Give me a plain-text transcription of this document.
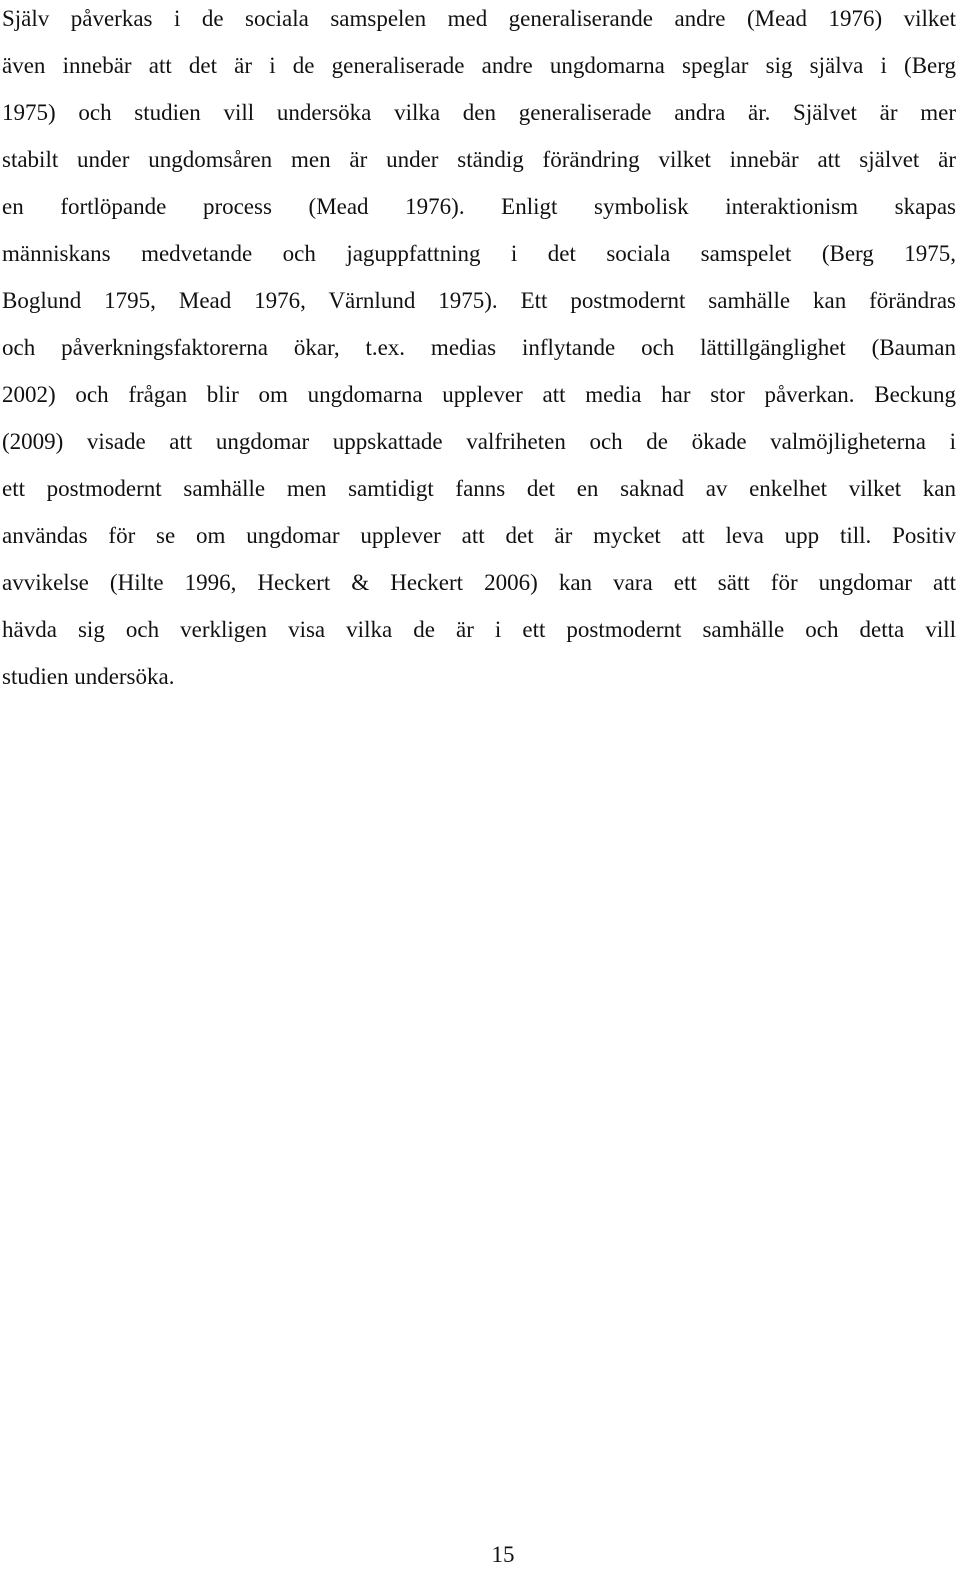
Själv påverkas i de sociala samspelen med generaliserande andre (Mead 1976) vilket
även innebär att det är i de generaliserade andre ungdomarna speglar sig själva i (Berg
1975) och studien vill undersöka vilka den generaliserade andra är. Självet är mer
stabilt under ungdomsåren men är under ständig förändring vilket innebär att självet är
en fortlöpande process (Mead 1976). Enligt symbolisk interaktionism skapas
människans medvetande och jaguppfattning i det sociala samspelet (Berg 1975,
Boglund 1795, Mead 1976, Värnlund 1975). Ett postmodernt samhälle kan förändras
och påverkningsfaktorerna ökar, t.ex. medias inflytande och lättillgänglighet (Bauman
2002) och frågan blir om ungdomarna upplever att media har stor påverkan. Beckung
(2009) visade att ungdomar uppskattade valfriheten och de ökade valmöjligheterna i
ett postmodernt samhälle men samtidigt fanns det en saknad av enkelhet vilket kan
användas för se om ungdomar upplever att det är mycket att leva upp till. Positiv
avvikelse (Hilte 1996, Heckert & Heckert 2006) kan vara ett sätt för ungdomar att
hävda sig och verkligen visa vilka de är i ett postmodernt samhälle och detta vill
studien undersöka.
15
